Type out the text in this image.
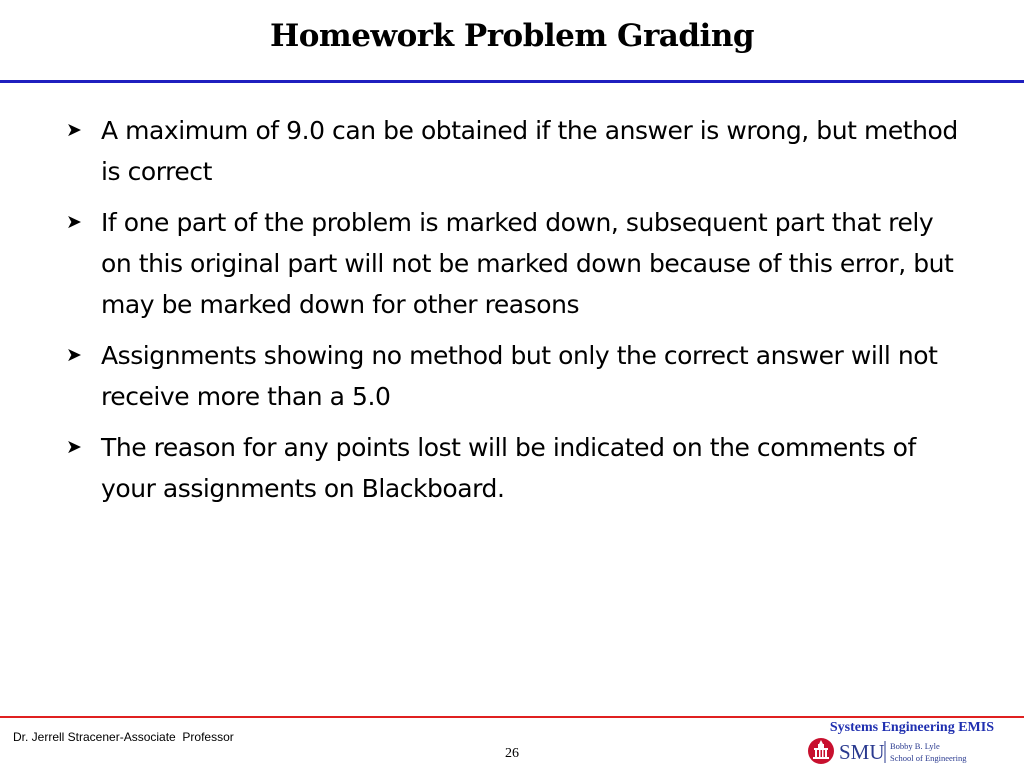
Homework Problem Grading
➤ A maximum of 9.0 can be obtained if the answer is wrong, but method is correct
➤ If one part of the problem is marked down, subsequent part that rely on this original part will not be marked down because of this error, but may be marked down for other reasons
➤ Assignments showing no method but only the correct answer will not receive more than a 5.0
➤ The reason for any points lost will be indicated on the comments of your assignments on Blackboard.
Dr. Jerrell Stracener-Associate  Professor
26
Systems Engineering EMIS
SMU Bobby B. Lyle
School of Engineering
